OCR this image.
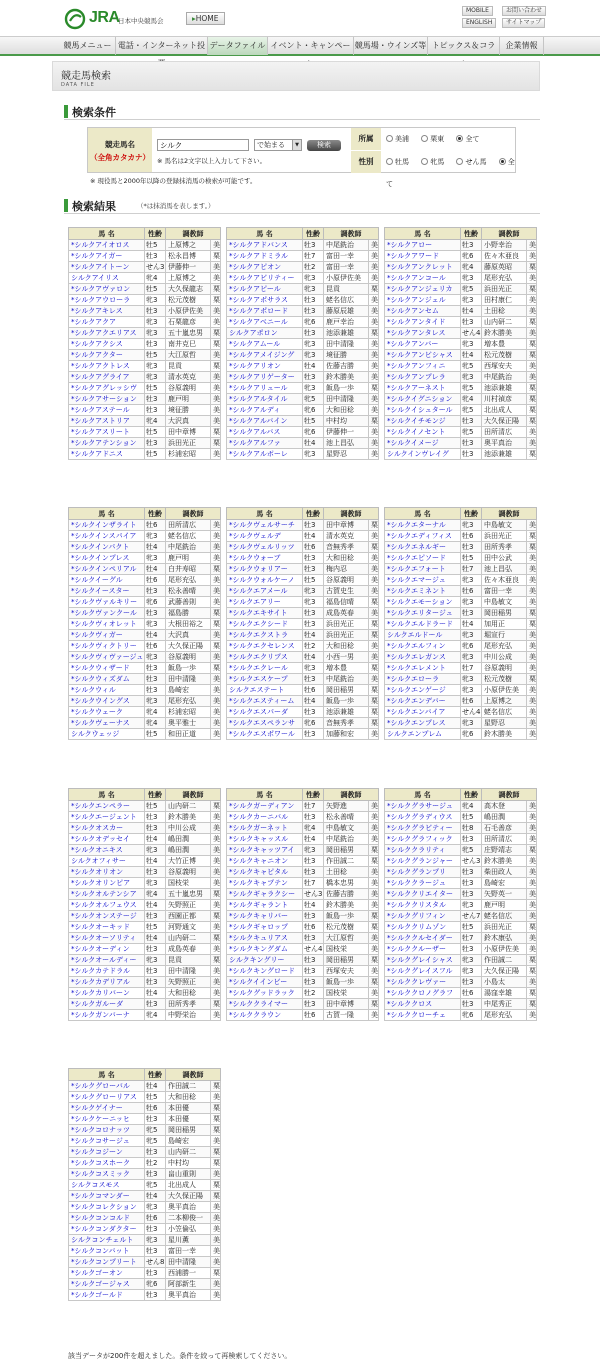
JRA
日本中央競馬会	▸HOME
MOBILE	お問い合わせ
ENGLISH	サイトマップ
競馬メニュー 電話・インターネット投 データファイル イベント・キャンペー 競馬場・ウインズ等 トピックス＆コラ	企業情報
競走馬検索
DATA FILE
検索条件
競走馬名
（全角カタカナ）
シルク
で始まる	▼	検索
※ 馬名は2文字以上入力して下さい。
所属	美浦	栗東	全て
性別	牡馬	牝馬	せん馬	全て
※ 現役馬と2000年以降の登録抹消馬の検索が可能です。
検索結果	（*は抹消馬を表します。）
馬 名	性齢	調教師	
*シルクアイオロス	牡5	上原博之	美
*シルクアイガー	牡3	松永昌博	栗
*シルクアイトーン	せん3	伊藤伸一	美
シルクアイリス	牝4	上原博之	美
*シルクアヴァロン	牡5	大久保龍志	栗
*シルクアウローラ	牝3	松元茂樹	栗
*シルクアキレス	牡3	小原伊佐美	美
*シルクアクア	牝3	石栗龍彦	美
*シルクアクエリアス	牝3	五十嵐忠男	栗
*シルクアクシス	牡3	南井克巳	栗
*シルクアクター	牡5	大江原哲	美
*シルクアクトレス	牝3	昆貢	栗
*シルクアグライア	牝3	清水英克	美
*シルクアグレッシヴ	牡5	谷原義明	美
*シルクアサーション	牡3	鹿戸明	美
*シルクアステール	牡3	境征勝	美
*シルクアストリア	牝4	大沢真	美
*シルクアスリート	牡5	田中章博	栗
*シルクアテンション	牡3	浜田光正	栗
*シルクアドニス	牡5	杉浦宏昭	美
馬 名	性齢	調教師	
*シルクアドバンス	牡3	中尾銑治	美
*シルクアドミラル	牡7	富田一幸	美
*シルクアピオン	牡2	富田一幸	美
*シルクアビリティー	牝3	小原伊佐美	美
*シルクアピール	牝3	昆貢	栗
*シルクアポサラス	牡3	蛯名信広	美
*シルクアポロード	牡3	藤原辰雄	美
*シルクアベニール	牝6	鹿戸幸治	美
シルクアポロン	牡3	池添兼雄	栗
*シルクアムール	牝3	田中清隆	美
*シルクアメイジング	牝3	境征勝	美
*シルクアリオン	牡4	佐藤吉勝	美
*シルクアリゲーター	牡3	鈴木勝美	美
*シルクアリュール	牝3	飯島一歩	栗
*シルクアルタイル	牝5	田中清隆	美
*シルクアルディ	牝6	大和田稔	美
*シルクアルバイン	牡5	中村均	栗
*シルクアルバス	牝6	伊藤伸一	美
*シルクアルファ	牡4	池上昌弘	美
*シルクアルボーレ	牝3	星野忍	美
馬 名	性齢	調教師	
*シルクアロー	牡3	小野幸治	美
*シルクアワード	牝6	佐々木亜良	美
*シルクアンクレット	牝4	藤原英昭	栗
*シルクアンコール	牝3	尾形充弘	美
*シルクアンジェリカ	牝5	浜田光正	栗
*シルクアンジェル	牝3	田村康仁	美
*シルクアンセム	牡4	土田稔	美
*シルクアンタイド	牡3	山内研二	栗
*シルクアンタレス	せん4	鈴木勝美	美
*シルクアンバー	牝3	増本豊	栗
*シルクアンビシャス	牡4	松元茂樹	栗
*シルクアンフィニ	牝5	西塚安夫	美
*シルクアンプレラ	牝3	中尾銑治	美
*シルクアーネスト	牝5	池添兼雄	栗
*シルクイグニション	牝4	川村禎彦	栗
*シルクイシュタール	牝5	北出成人	栗
*シルクイチモンジ	牡3	大久保正陽	栗
*シルクイノセント	牝5	田所清広	美
*シルクイメージ	牡3	奥平真治	美
シルクインヴレイグ	牡3	池添兼雄	栗
馬 名	性齢	調教師	
*シルクインザライト	牡6	田所清広	美
*シルクインスパイア	牝3	蛯名信広	美
*シルクインパクト	牡4	中尾銑治	美
*シルクインプレス	牝3	鹿戸明	美
*シルクインペリアル	牡4	白井寿昭	栗
*シルクイーグル	牡6	尾形充弘	美
*シルクイースター	牡3	松永善晴	美
*シルクヴァルキリー	牝6	武藤善則	美
*シルクヴァンクール	牡3	福島勝	栗
*シルクヴィオレット	牝3	大根田裕之	栗
*シルクヴィガー	牡4	大沢真	美
*シルクヴィクトリー	牡6	大久保正陽	栗
*シルクヴィヴァージュ	牝3	谷原義明	美
*シルクウィザード	牡3	飯島一歩	栗
*シルクウィズダム	牡3	田中清隆	美
*シルクウィル	牡3	島崎宏	美
*シルクウイングス	牝3	尾形充弘	美
*シルクウェーク	牝4	杉浦宏昭	美
*シルクヴェーナス	牝4	奥平雅士	美
シルクウェッジ	牡5	和田正道	美
馬 名	性齢	調教師	
*シルクヴェルサーチ	牡3	田中章博	栗
*シルクヴェルデ	牡4	清水英克	美
*シルクヴェルリッツ	牡6	音無秀孝	栗
*シルクウォーブ	牡3	大和田稔	美
*シルクウォリアー	牡3	梅内忍	美
*シルクウォルケーノ	牡5	谷原義明	美
*シルクエアメール	牝3	古賀史生	美
*シルクエアリー	牝3	福島信晴	栗
*シルクエキサイト	牡3	成島英春	美
*シルクエクシード	牡3	浜田光正	栗
*シルクエクストラ	牡4	浜田光正	栗
*シルクエクセレンス	牡2	大和田稔	美
*シルクエクリプス	牡4	小西一男	美
*シルクエクレール	牝3	増本豊	栗
*シルクエスケープ	牡3	中尾銑治	美
シルクエステート	牡6	岡田稲男	栗
*シルクエスティーム	牡4	飯島一歩	栗
*シルクエスパーダ	牡3	池添兼雄	栗
*シルクエスペランサ	牝6	音無秀孝	栗
*シルクエスポワール	牡3	加藤和宏	美
馬 名	性齢	調教師	
*シルクエターナル	牝3	中島敏文	美
*シルクエディフィス	牡6	浜田光正	栗
*シルクエネルギー	牡3	田所秀孝	栗
*シルクエピソード	牡5	田中公武	美
*シルクエフォート	牡7	池上昌弘	美
*シルクエマージュ	牝3	佐々木亜良	美
*シルクエミネント	牡6	富田一幸	美
*シルクエモーション	牝3	中島敏文	美
*シルクエリタージュ	牡3	岡田稲男	栗
*シルクエルドラード	牡4	加用正	栗
シルクエルドール	牝3	堀宣行	美
*シルクエルフィン	牝6	尾形充弘	美
*シルクエレガンス	牝3	中川公成	美
*シルクエレメント	牡7	谷原義明	美
*シルクエローラ	牝3	松元茂樹	栗
*シルクエンゲージ	牝3	小原伊佐美	美
*シルクエンデバー	牡6	上原博之	美
*シルクエンバイア	せん4	蛯名信広	美
*シルクエンプレス	牝3	星野忍	美
シルクエンプレム	牝6	鈴木勝美	美
馬 名	性齢	調教師	
*シルクエンペラー	牡5	山内研二	栗
*シルクエージェント	牡3	鈴木勝美	美
*シルクオスカー	牡3	中川公成	美
*シルクオデッセイ	牡4	嶋田潤	美
*シルクオニキス	牝3	嶋田潤	美
シルクオフィサー	牡4	大竹正博	美
*シルクオリオン	牡3	谷原義明	美
*シルクオリンピア	牝3	国枝栄	美
*シルクオルテンシア	牝4	五十嵐忠男	栗
*シルクオルフェウス	牡4	矢野照正	美
*シルクオンステージ	牡3	西園正都	栗
*シルクオーキッド	牡5	河野通文	美
*シルクオーソリティ	牡4	山内研二	栗
*シルクオーディン	牡3	成島英春	美
*シルクオールディー	牝3	昆貢	栗
*シルクカテドラル	牡3	田中清隆	美
*シルクカデリアル	牡3	矢野照正	美
*シルクカリバーン	牡4	大和田稔	美
*シルクガルーダ	牡3	田所秀孝	栗
*シルクガンバーナ	牝4	中野栄治	美
馬 名	性齢	調教師	
*シルクガーディアン	牡7	矢野進	美
*シルクカーニバル	牡3	松永善晴	美
*シルクガーネット	牝4	中島敏文	美
*シルクキャッスル	牡4	中尾銑治	美
*シルクキャッツアイ	牝3	岡田稲男	栗
*シルクキャニオン	牡3	作田誠二	栗
*シルクキャピタル	牡3	土田稔	美
*シルクキャプテン	牡7	橋本忠男	美
*シルクギャラクシー	せん3	佐藤吉勝	美
*シルクギャラント	牡4	鈴木勝美	美
*シルクキャリバー	牡3	飯島一歩	栗
*シルクギャロップ	牡6	松元茂樹	栗
*シルクキュリアス	牡3	大江原哲	美
*シルクキングダム	せん4	国枝栄	美
シルクキングリー	牡3	岡田稲男	栗
*シルクキングロード	牡3	西塚安夫	美
*シルクイインビー	牡3	飯島一歩	栗
*シルクグッドラック	牡2	国枝栄	美
*シルククライマー	牡3	田中章博	栗
*シルククラウン	牡6	古賀一隆	美
馬 名	性齢	調教師	
*シルクグラサージュ	牝4	高木登	美
*シルクグラディウス	牡5	嶋田潤	美
*シルクグラビティー	牡8	石毛善彦	美
*シルクグラフィック	牡3	田所清広	美
*シルククラリティ	牝5	庄野靖志	栗
*シルクグランジャー	せん3	鈴木勝美	美
*シルクグランプリ	牡3	柴田政人	美
*シルククラージュ	牡3	島崎宏	美
*シルククリエイター	牡3	矢野英一	美
*シルククリスタル	牝3	鹿戸明	美
*シルクグリフィン	せん7	蛯名信広	美
*シルククリムゾン	牡5	浜田光正	栗
*シルククルセイダー	牡7	鈴木康弘	美
*シルククルーザー	牡3	小原伊佐美	美
*シルクグレイシャス	牝3	作田誠二	栗
*シルクグレイスフル	牝3	大久保正陽	栗
*シルククレヴァー	牡3	小島太	美
*シルククロノグラフ	牡6	湯窪幸雄	栗
*シルククロス	牡3	中尾秀正	栗
*シルククローチェ	牝6	尾形充弘	美
馬 名	性齢	調教師	
*シルクグローバル	牡4	作田誠二	栗
*シルクグローリアス	牡5	大和田稔	美
*シルクゲイナー	牡6	本田優	栗
*シルクケーニッヒ	牡3	本田優	栗
*シルクコロナッツ	牝5	岡田稲男	栗
*シルクコサージュ	牝5	島崎宏	美
*シルクコジーン	牡3	山内研二	栗
*シルクコスホーク	牡2	中村均	栗
*シルクコスミック	牡3	畠山重則	美
シルクコスモス	牝5	北出成人	栗
*シルクコマンダー	牡4	大久保正陽	栗
*シルクコレクション	牝3	奥平真治	美
*シルクコンコルド	牡6	二本柳俊一	美
*シルクコンダクター	牡3	小笠倫弘	美
シルクコンチェルト	牝3	星川薫	美
*シルクコンバット	牡3	富田一幸	美
*シルクコンプリート	せん8	田中清隆	美
*シルクゴーオン	牡3	西浦勝一	栗
*シルクゴージャス	牝6	阿部新生	美
*シルクゴールド	牡3	奥平真治	美
該当データが200件を超えました。条件を絞って再検索してください。
